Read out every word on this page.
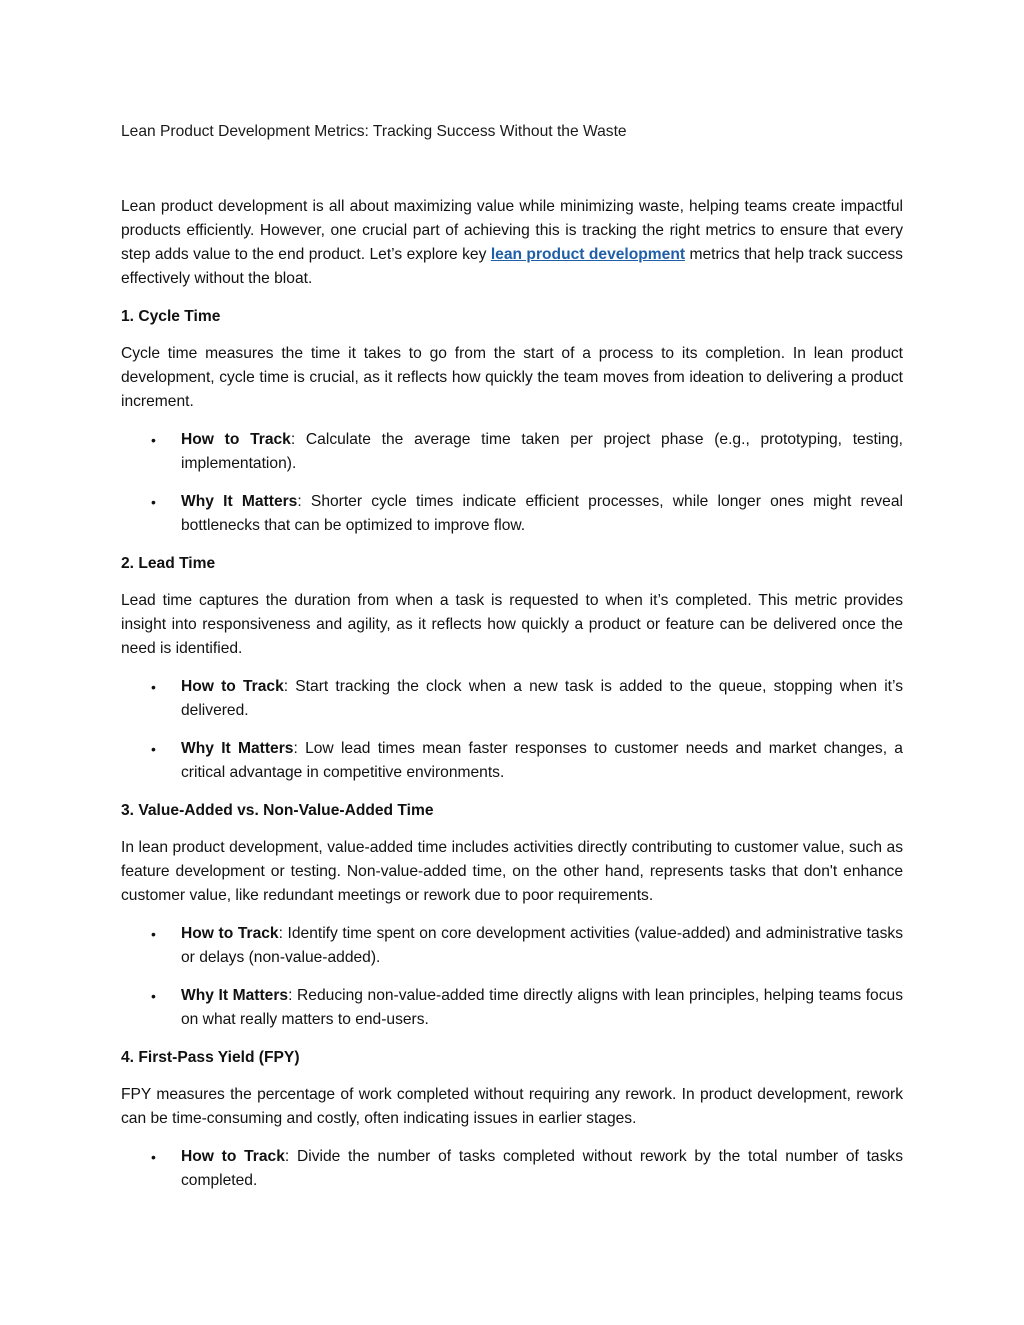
Lean Product Development Metrics: Tracking Success Without the Waste

Lean product development is all about maximizing value while minimizing waste, helping teams create impactful products efficiently. However, one crucial part of achieving this is tracking the right metrics to ensure that every step adds value to the end product. Let’s explore key lean product development metrics that help track success effectively without the bloat.

1. Cycle Time

Cycle time measures the time it takes to go from the start of a process to its completion. In lean product development, cycle time is crucial, as it reflects how quickly the team moves from ideation to delivering a product increment.

• How to Track: Calculate the average time taken per project phase (e.g., prototyping, testing, implementation).
• Why It Matters: Shorter cycle times indicate efficient processes, while longer ones might reveal bottlenecks that can be optimized to improve flow.
2. Lead Time

Lead time captures the duration from when a task is requested to when it’s completed. This metric provides insight into responsiveness and agility, as it reflects how quickly a product or feature can be delivered once the need is identified.

• How to Track: Start tracking the clock when a new task is added to the queue, stopping when it’s delivered.
• Why It Matters: Low lead times mean faster responses to customer needs and market changes, a critical advantage in competitive environments.
3. Value-Added vs. Non-Value-Added Time

In lean product development, value-added time includes activities directly contributing to customer value, such as feature development or testing. Non-value-added time, on the other hand, represents tasks that don't enhance customer value, like redundant meetings or rework due to poor requirements.

• How to Track: Identify time spent on core development activities (value-added) and administrative tasks or delays (non-value-added).
• Why It Matters: Reducing non-value-added time directly aligns with lean principles, helping teams focus on what really matters to end-users.
4. First-Pass Yield (FPY)

FPY measures the percentage of work completed without requiring any rework. In product development, rework can be time-consuming and costly, often indicating issues in earlier stages.

• How to Track: Divide the number of tasks completed without rework by the total number of tasks completed.
